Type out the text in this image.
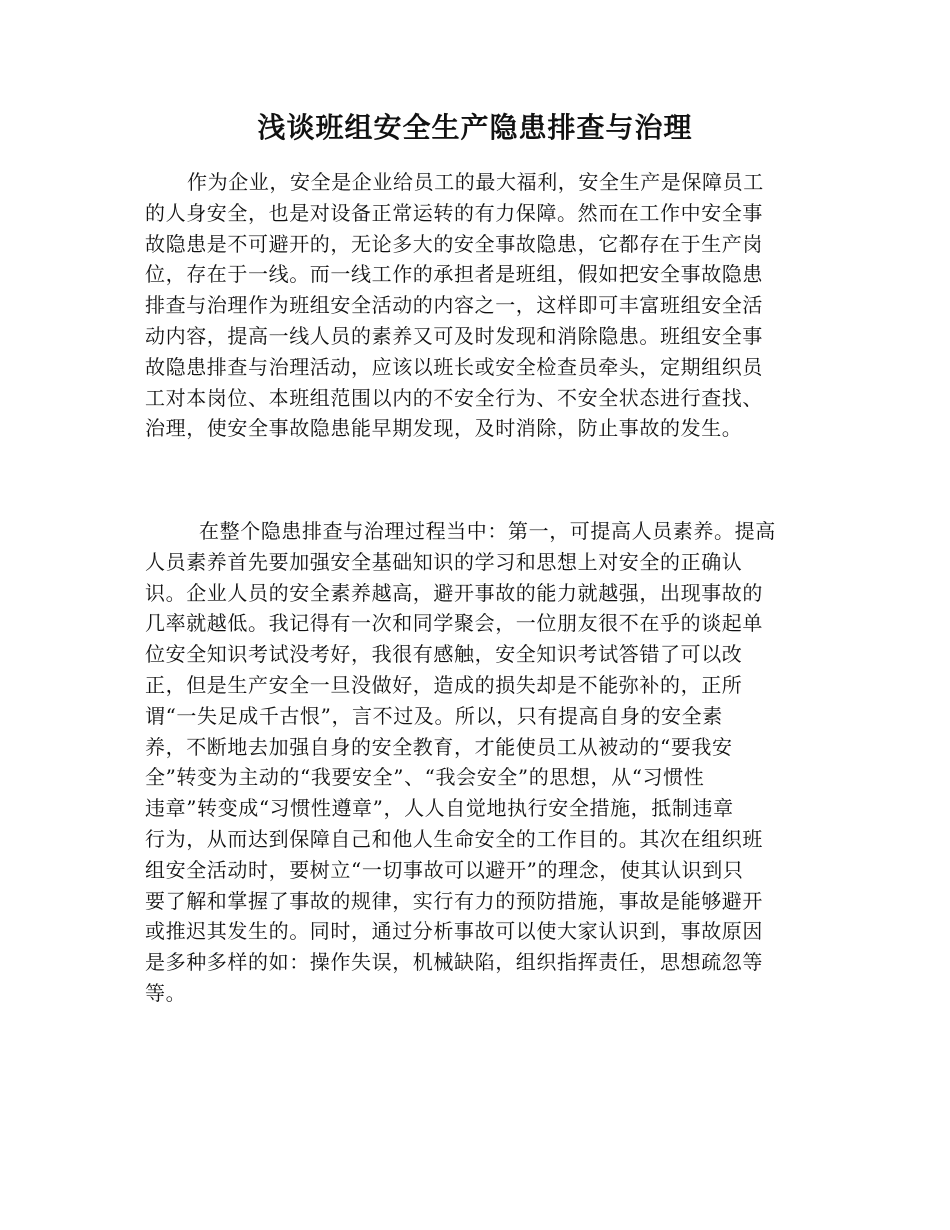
浅谈班组安全生产隐患排查与治理
作为企业，安全是企业给员工的最大福利，安全生产是保障员工
的人身安全，也是对设备正常运转的有力保障。然而在工作中安全事
故隐患是不可避开的，无论多大的安全事故隐患，它都存在于生产岗
位，存在于一线。而一线工作的承担者是班组，假如把安全事故隐患
排查与治理作为班组安全活动的内容之一，这样即可丰富班组安全活
动内容，提高一线人员的素养又可及时发现和消除隐患。班组安全事
故隐患排查与治理活动，应该以班长或安全检查员牵头，定期组织员
工对本岗位、本班组范围以内的不安全行为、不安全状态进行查找、
治理，使安全事故隐患能早期发现，及时消除，防止事故的发生。
在整个隐患排查与治理过程当中：第一，可提高人员素养。提高
人员素养首先要加强安全基础知识的学习和思想上对安全的正确认
识。企业人员的安全素养越高，避开事故的能力就越强，出现事故的
几率就越低。我记得有一次和同学聚会，一位朋友很不在乎的谈起单
位安全知识考试没考好，我很有感触，安全知识考试答错了可以改
正，但是生产安全一旦没做好，造成的损失却是不能弥补的，正所
谓“一失足成千古恨”，言不过及。所以，只有提高自身的安全素
养，不断地去加强自身的安全教育，才能使员工从被动的“要我安
全”转变为主动的“我要安全”、“我会安全”的思想，从“习惯性
违章”转变成“习惯性遵章”，人人自觉地执行安全措施，抵制违章
行为，从而达到保障自己和他人生命安全的工作目的。其次在组织班
组安全活动时，要树立“一切事故可以避开”的理念，使其认识到只
要了解和掌握了事故的规律，实行有力的预防措施，事故是能够避开
或推迟其发生的。同时，通过分析事故可以使大家认识到，事故原因
是多种多样的如：操作失误，机械缺陷，组织指挥责任，思想疏忽等
等。
